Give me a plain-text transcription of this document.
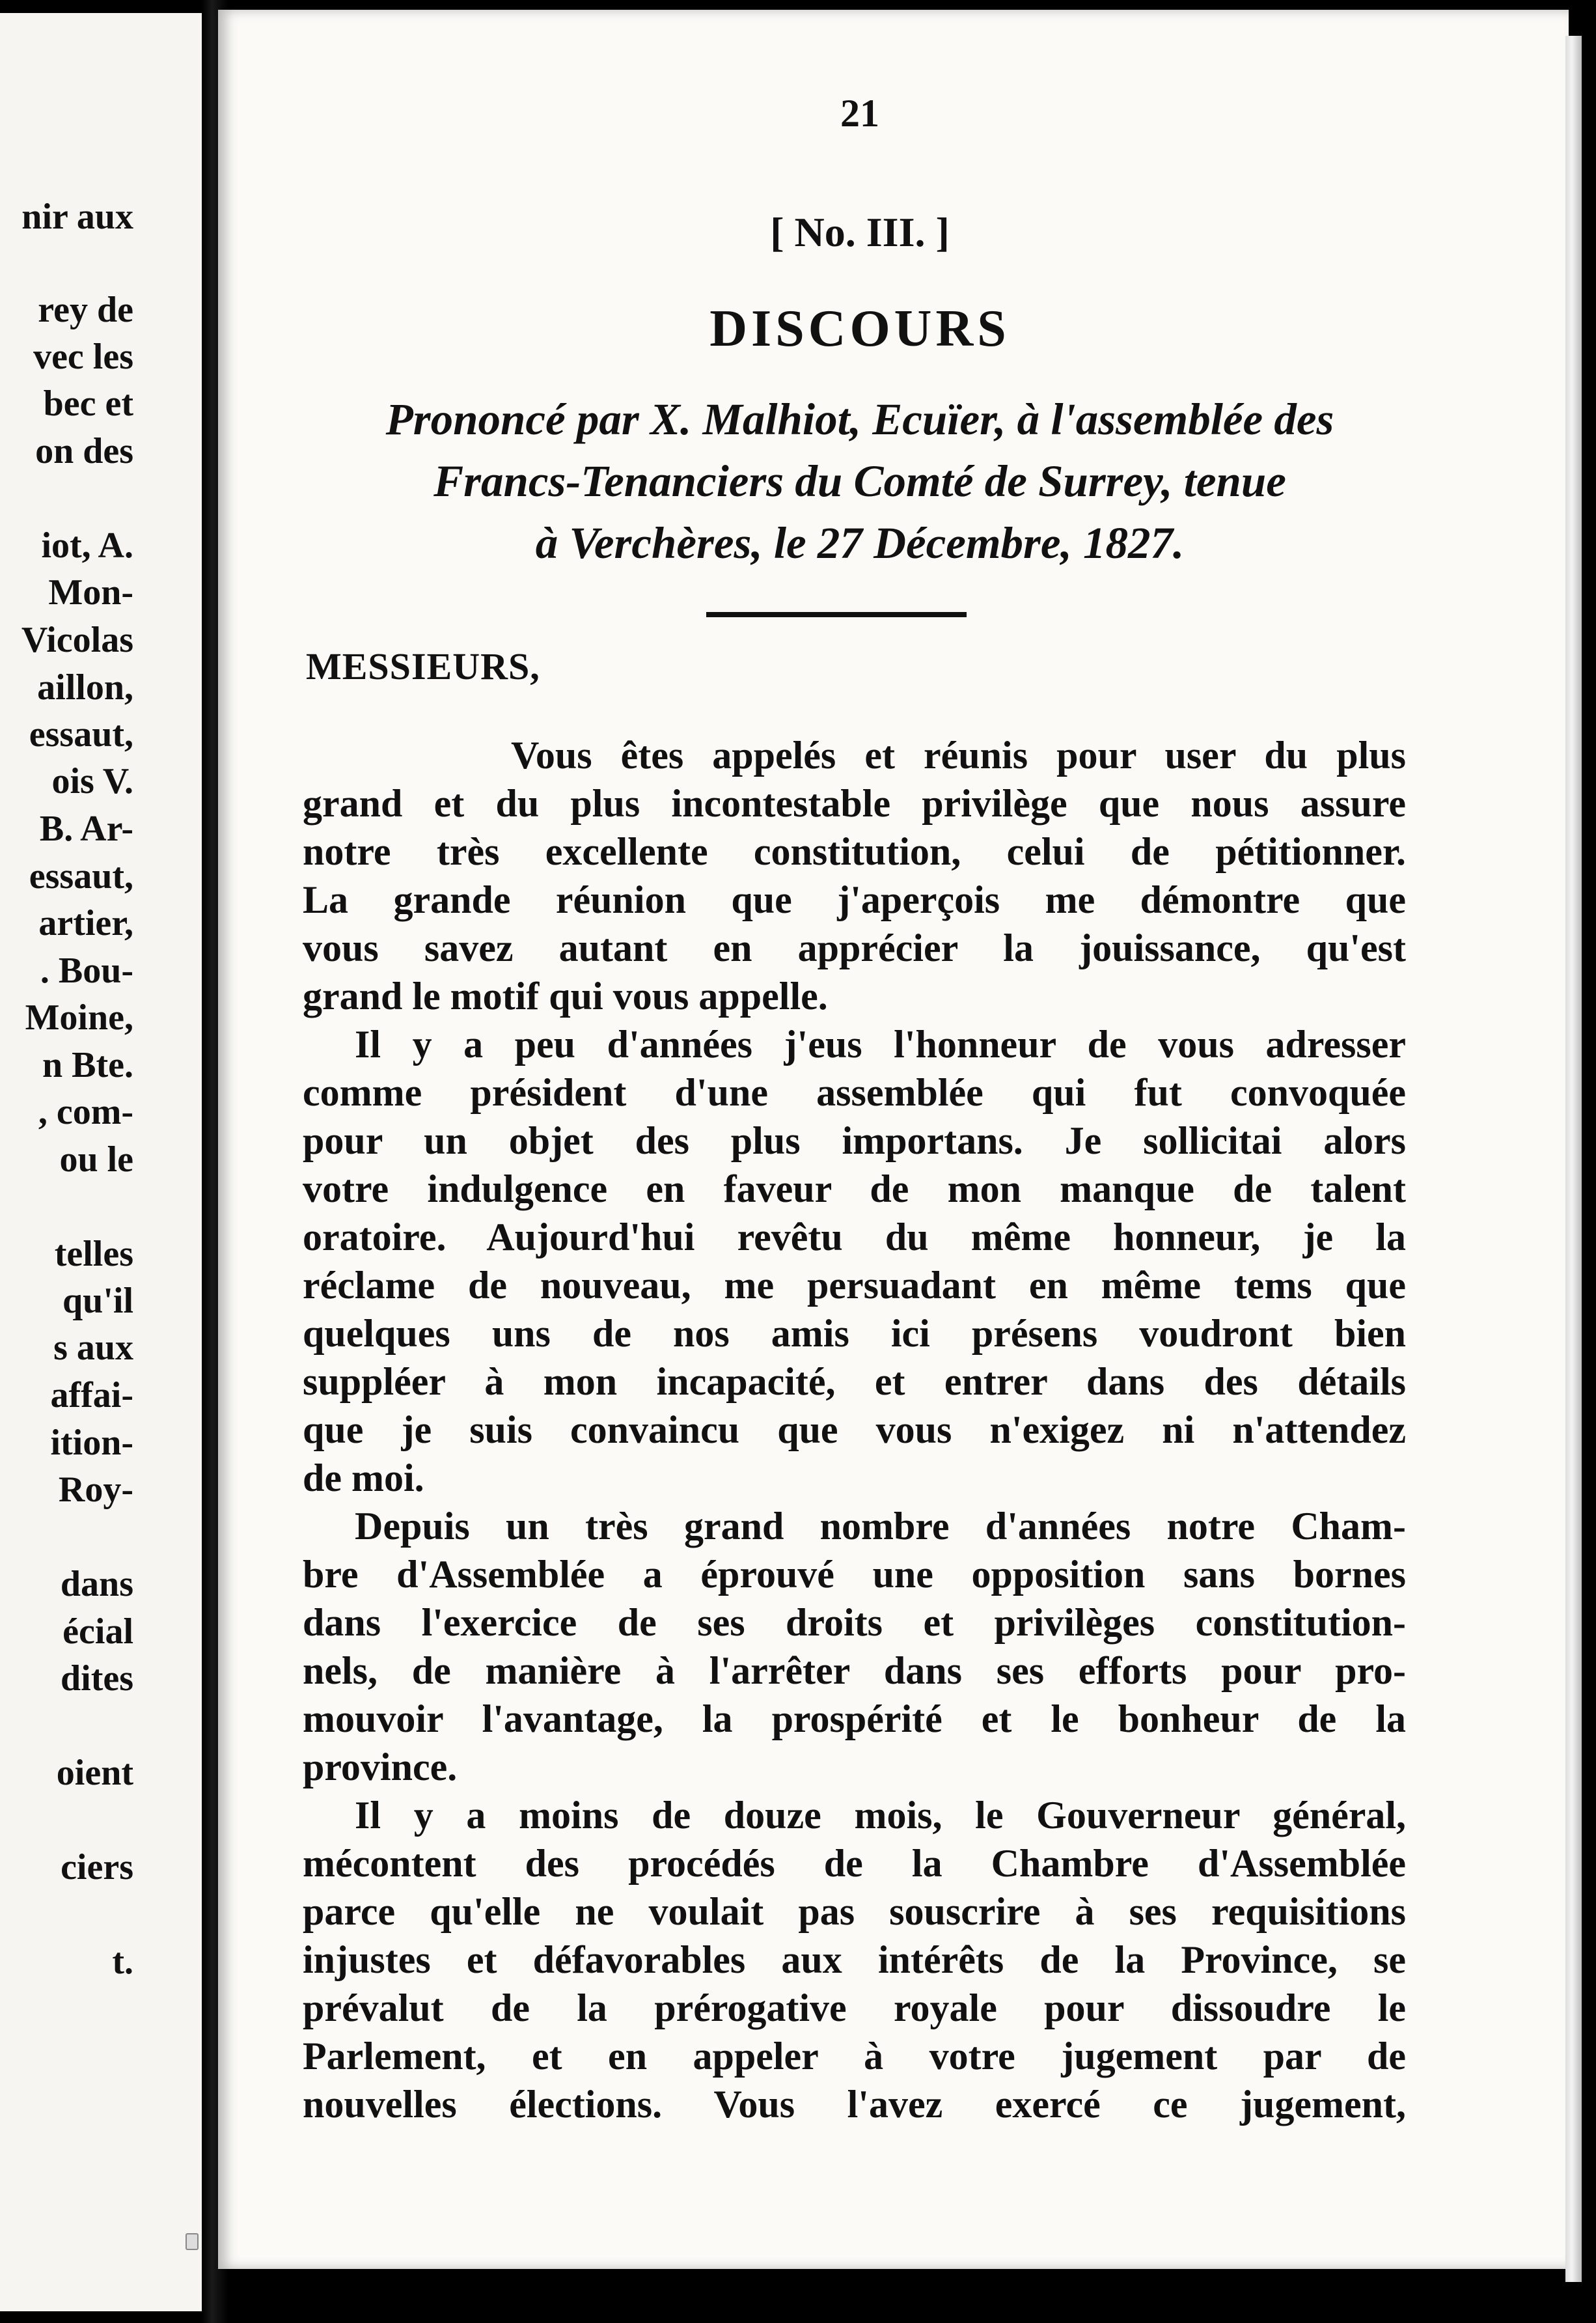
nir aux
rey de
vec les
bec et
on des
iot, A.
Mon-
Vicolas
aillon,
essaut,
ois V.
B. Ar-
essaut,
artier,
. Bou-
Moine,
n Bte.
, com-
ou le
telles
qu'il
s aux
affai-
ition-
Roy-
dans
écial
dites
oient
ciers
t.
21
[ No. III. ]
DISCOURS
Prononcé par X. Malhiot, Ecuïer, à l'assemblée des
Francs-Tenanciers du Comté de Surrey, tenue
à Verchères, le 27 Décembre, 1827.
MESSIEURS,
Vous êtes appelés et réunis pour user du plus
grand et du plus incontestable privilège que nous assure
notre très excellente constitution, celui de pétitionner.
La grande réunion que j'aperçois me démontre que
vous savez autant en apprécier la jouissance, qu'est
grand le motif qui vous appelle.
Il y a peu d'années j'eus l'honneur de vous adresser
comme président d'une assemblée qui fut convoquée
pour un objet des plus importans. Je sollicitai alors
votre indulgence en faveur de mon manque de talent
oratoire. Aujourd'hui revêtu du même honneur, je la
réclame de nouveau, me persuadant en même tems que
quelques uns de nos amis ici présens voudront bien
suppléer à mon incapacité, et entrer dans des détails
que je suis convaincu que vous n'exigez ni n'attendez
de moi.
Depuis un très grand nombre d'années notre Cham-
bre d'Assemblée a éprouvé une opposition sans bornes
dans l'exercice de ses droits et privilèges constitution-
nels, de manière à l'arrêter dans ses efforts pour pro-
mouvoir l'avantage, la prospérité et le bonheur de la
province.
Il y a moins de douze mois, le Gouverneur général,
mécontent des procédés de la Chambre d'Assemblée
parce qu'elle ne voulait pas souscrire à ses requisitions
injustes et défavorables aux intérêts de la Province, se
prévalut de la prérogative royale pour dissoudre le
Parlement, et en appeler à votre jugement par de
nouvelles élections. Vous l'avez exercé ce jugement,
